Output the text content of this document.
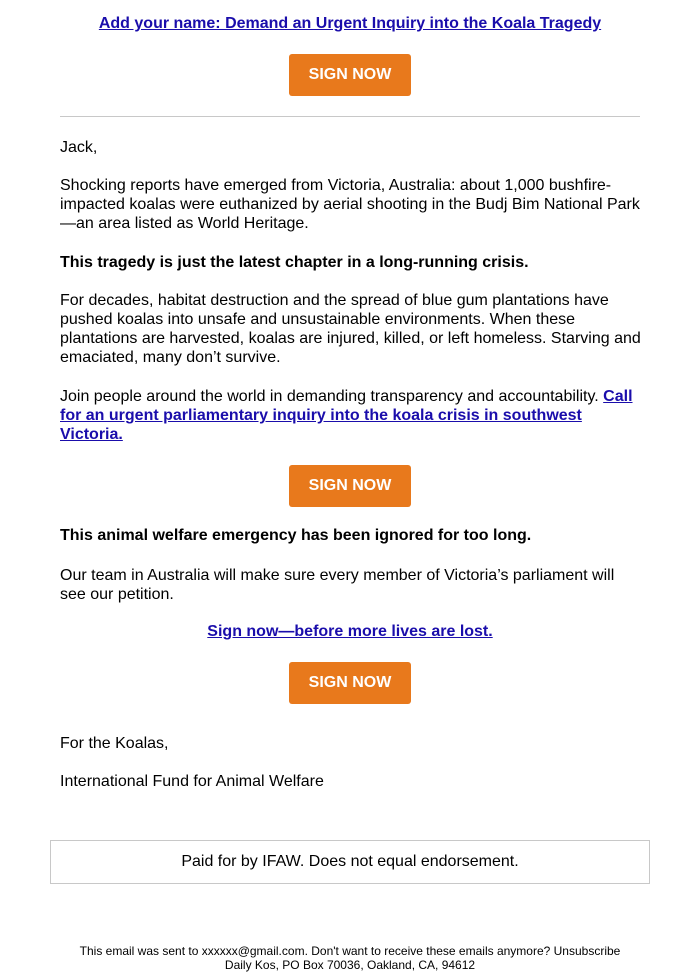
Add your name: Demand an Urgent Inquiry into the Koala Tragedy
SIGN NOW

Jack,

Shocking reports have emerged from Victoria, Australia: about 1,000 bushfire-impacted koalas were euthanized by aerial shooting in the Budj Bim National Park—an area listed as World Heritage.

This tragedy is just the latest chapter in a long-running crisis.

For decades, habitat destruction and the spread of blue gum plantations have pushed koalas into unsafe and unsustainable environments. When these plantations are harvested, koalas are injured, killed, or left homeless. Starving and emaciated, many don’t survive.

Join people around the world in demanding transparency and accountability. Call for an urgent parliamentary inquiry into the koala crisis in southwest Victoria.

SIGN NOW

This animal welfare emergency has been ignored for too long.

Our team in Australia will make sure every member of Victoria’s parliament will see our petition.

Sign now—before more lives are lost.
SIGN NOW

For the Koalas,

International Fund for Animal Welfare

Paid for by IFAW. Does not equal endorsement.
This email was sent to xxxxxx@gmail.com. Don't want to receive these emails anymore? Unsubscribe
Daily Kos, PO Box 70036, Oakland, CA, 94612
